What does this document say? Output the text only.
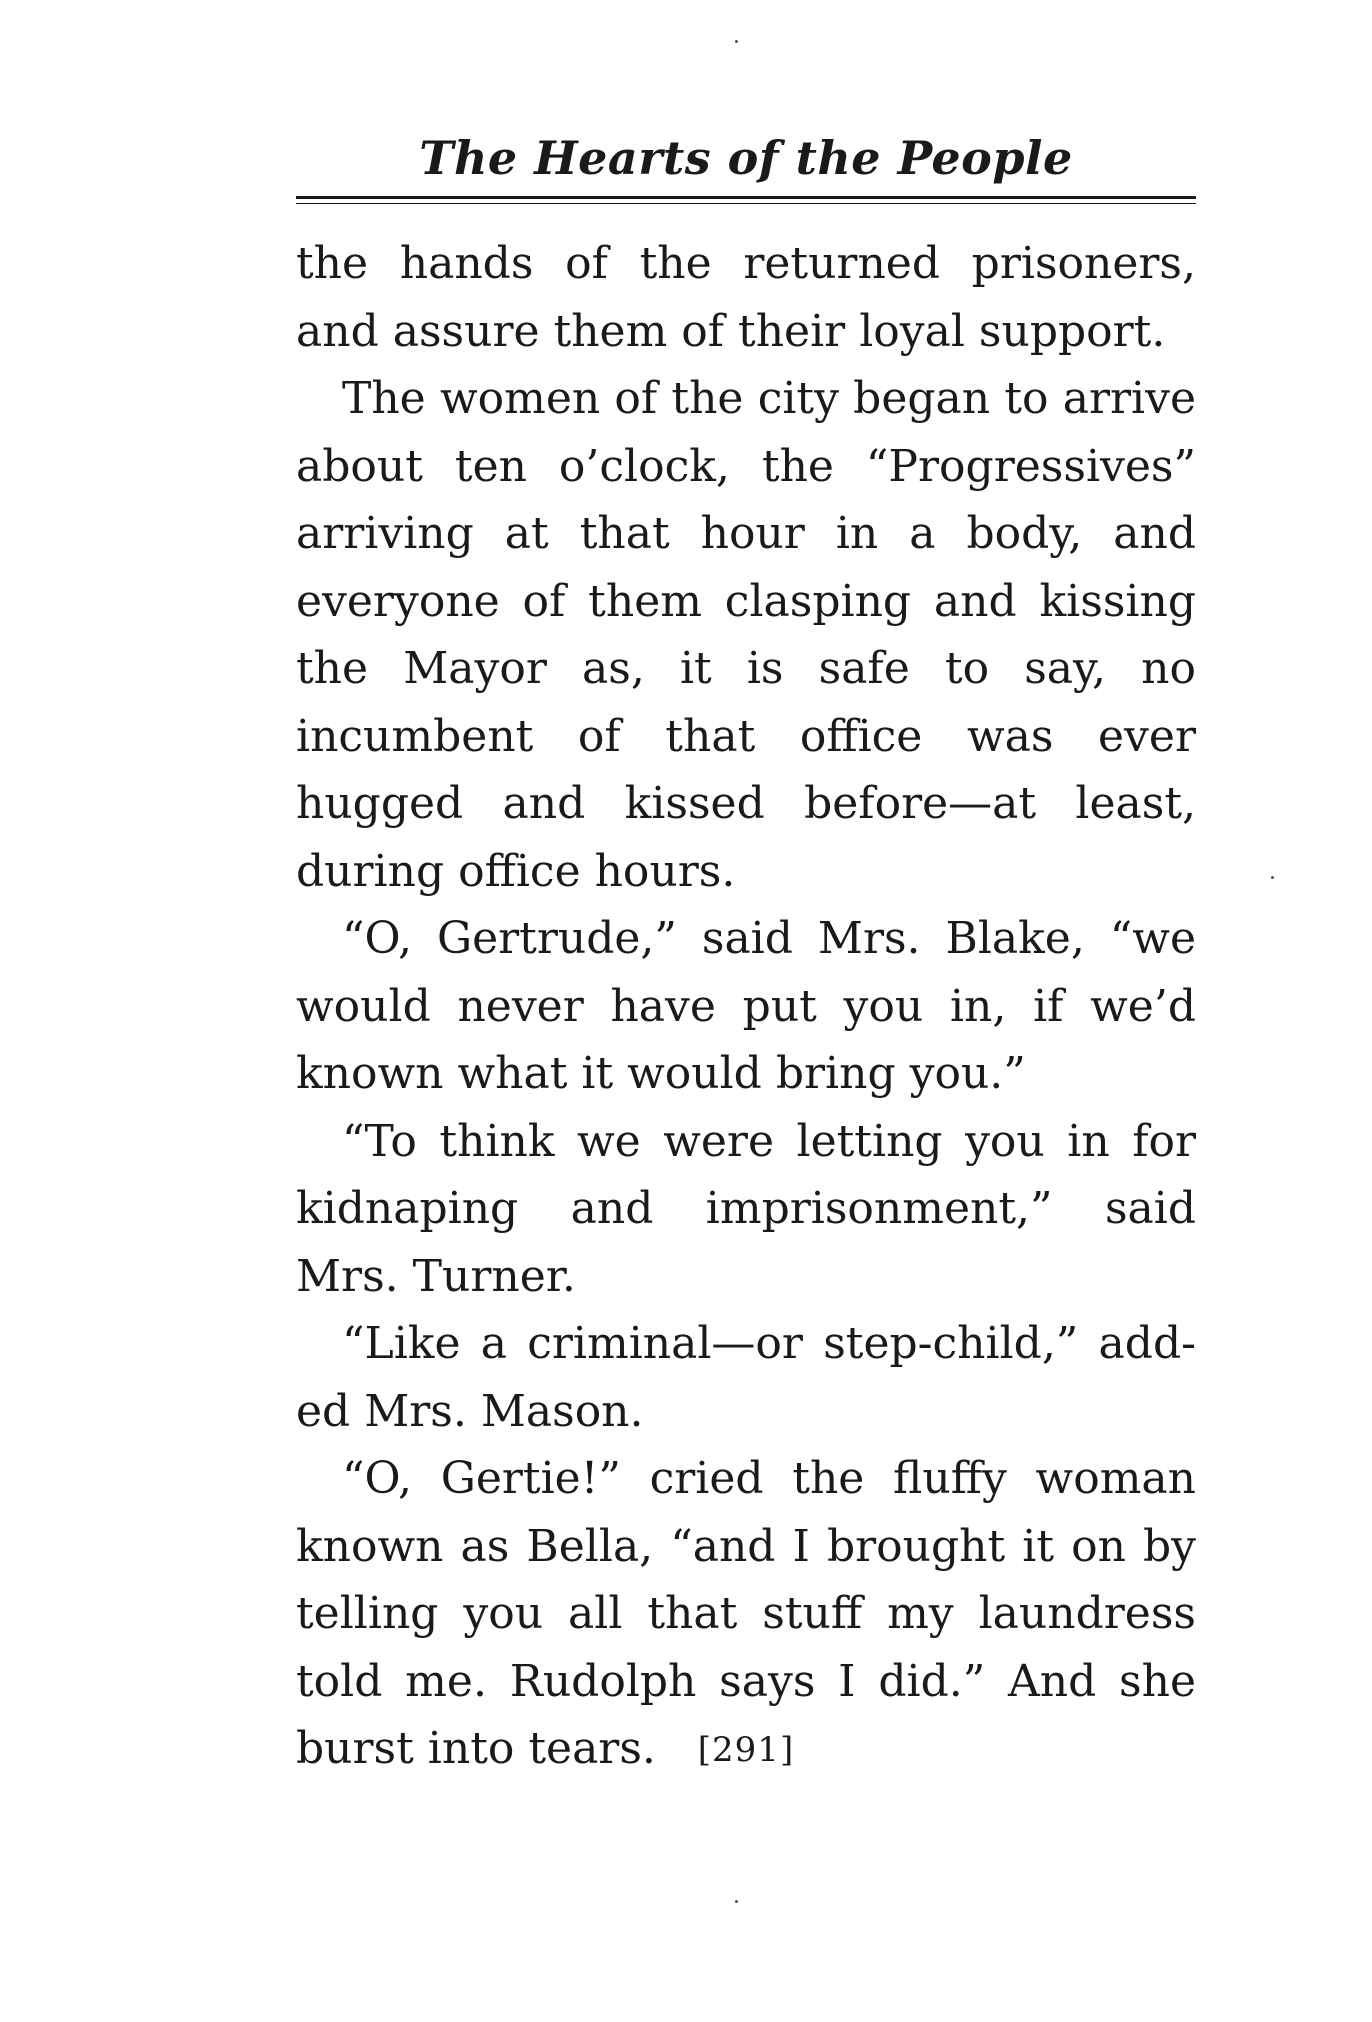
The Hearts of the People

the hands of the returned prisoners, and assure them of their loyal support.

The women of the city began to arrive about ten o’clock, the “Progressives” arriving at that hour in a body, and everyone of them clasping and kissing the Mayor as, it is safe to say, no incumbent of that office was ever hugged and kissed before—at least, during office hours.

“O, Gertrude,” said Mrs. Blake, “we would never have put you in, if we’d known what it would bring you.”

“To think we were letting you in for kidnaping and imprisonment,” said Mrs. Turner.

“Like a criminal—or step-child,” added Mrs. Mason.

“O, Gertie!” cried the fluffy woman known as Bella, “and I brought it on by telling you all that stuff my laundress told me. Rudolph says I did.” And she burst into tears.	[291]
